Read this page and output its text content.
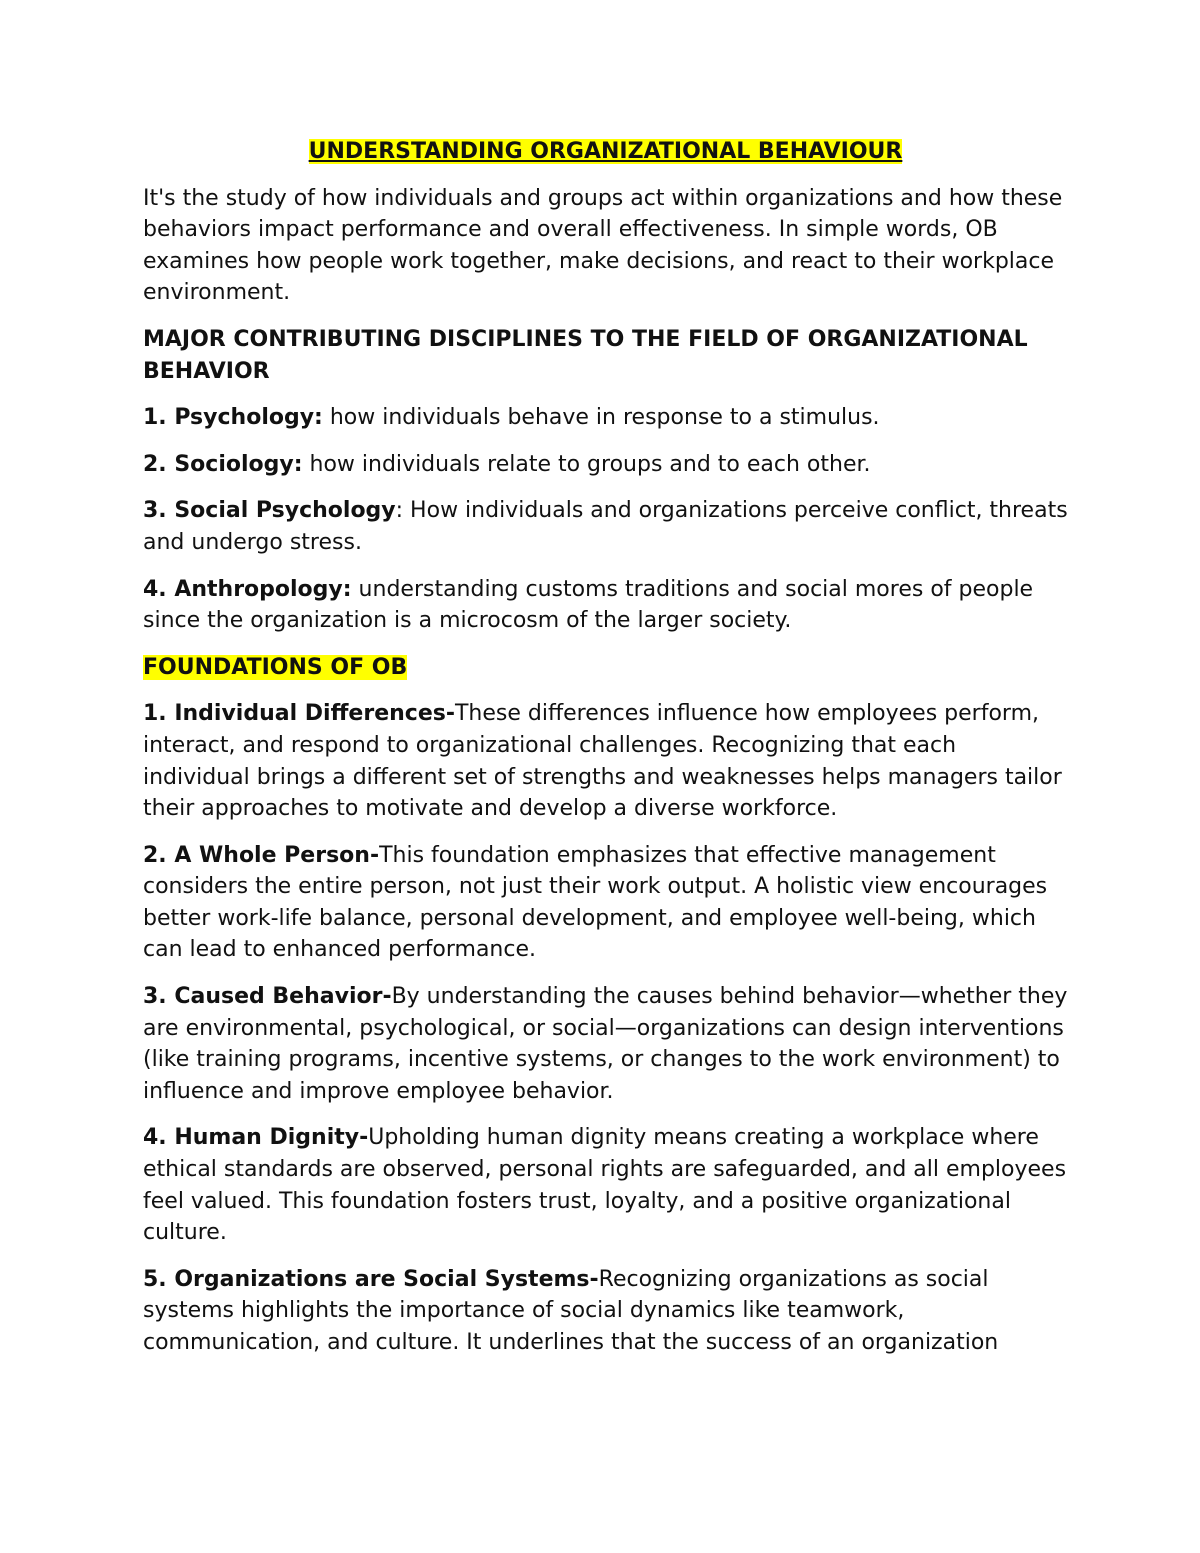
UNDERSTANDING ORGANIZATIONAL BEHAVIOUR

It's the study of how individuals and groups act within organizations and how these behaviors impact performance and overall effectiveness. In simple words, OB examines how people work together, make decisions, and react to their workplace environment.

MAJOR CONTRIBUTING DISCIPLINES TO THE FIELD OF ORGANIZATIONAL BEHAVIOR

1. Psychology: how individuals behave in response to a stimulus.

2. Sociology: how individuals relate to groups and to each other.

3. Social Psychology: How individuals and organizations perceive conflict, threats and undergo stress.

4. Anthropology: understanding customs traditions and social mores of people since the organization is a microcosm of the larger society.

FOUNDATIONS OF OB

1. Individual Differences-These differences influence how employees perform, interact, and respond to organizational challenges. Recognizing that each individual brings a different set of strengths and weaknesses helps managers tailor their approaches to motivate and develop a diverse workforce.

2. A Whole Person-This foundation emphasizes that effective management considers the entire person, not just their work output. A holistic view encourages better work-life balance, personal development, and employee well-being, which can lead to enhanced performance.

3. Caused Behavior-By understanding the causes behind behavior—whether they are environmental, psychological, or social—organizations can design interventions (like training programs, incentive systems, or changes to the work environment) to influence and improve employee behavior.

4. Human Dignity-Upholding human dignity means creating a workplace where ethical standards are observed, personal rights are safeguarded, and all employees feel valued. This foundation fosters trust, loyalty, and a positive organizational culture.

5. Organizations are Social Systems-Recognizing organizations as social systems highlights the importance of social dynamics like teamwork, communication, and culture. It underlines that the success of an organization
